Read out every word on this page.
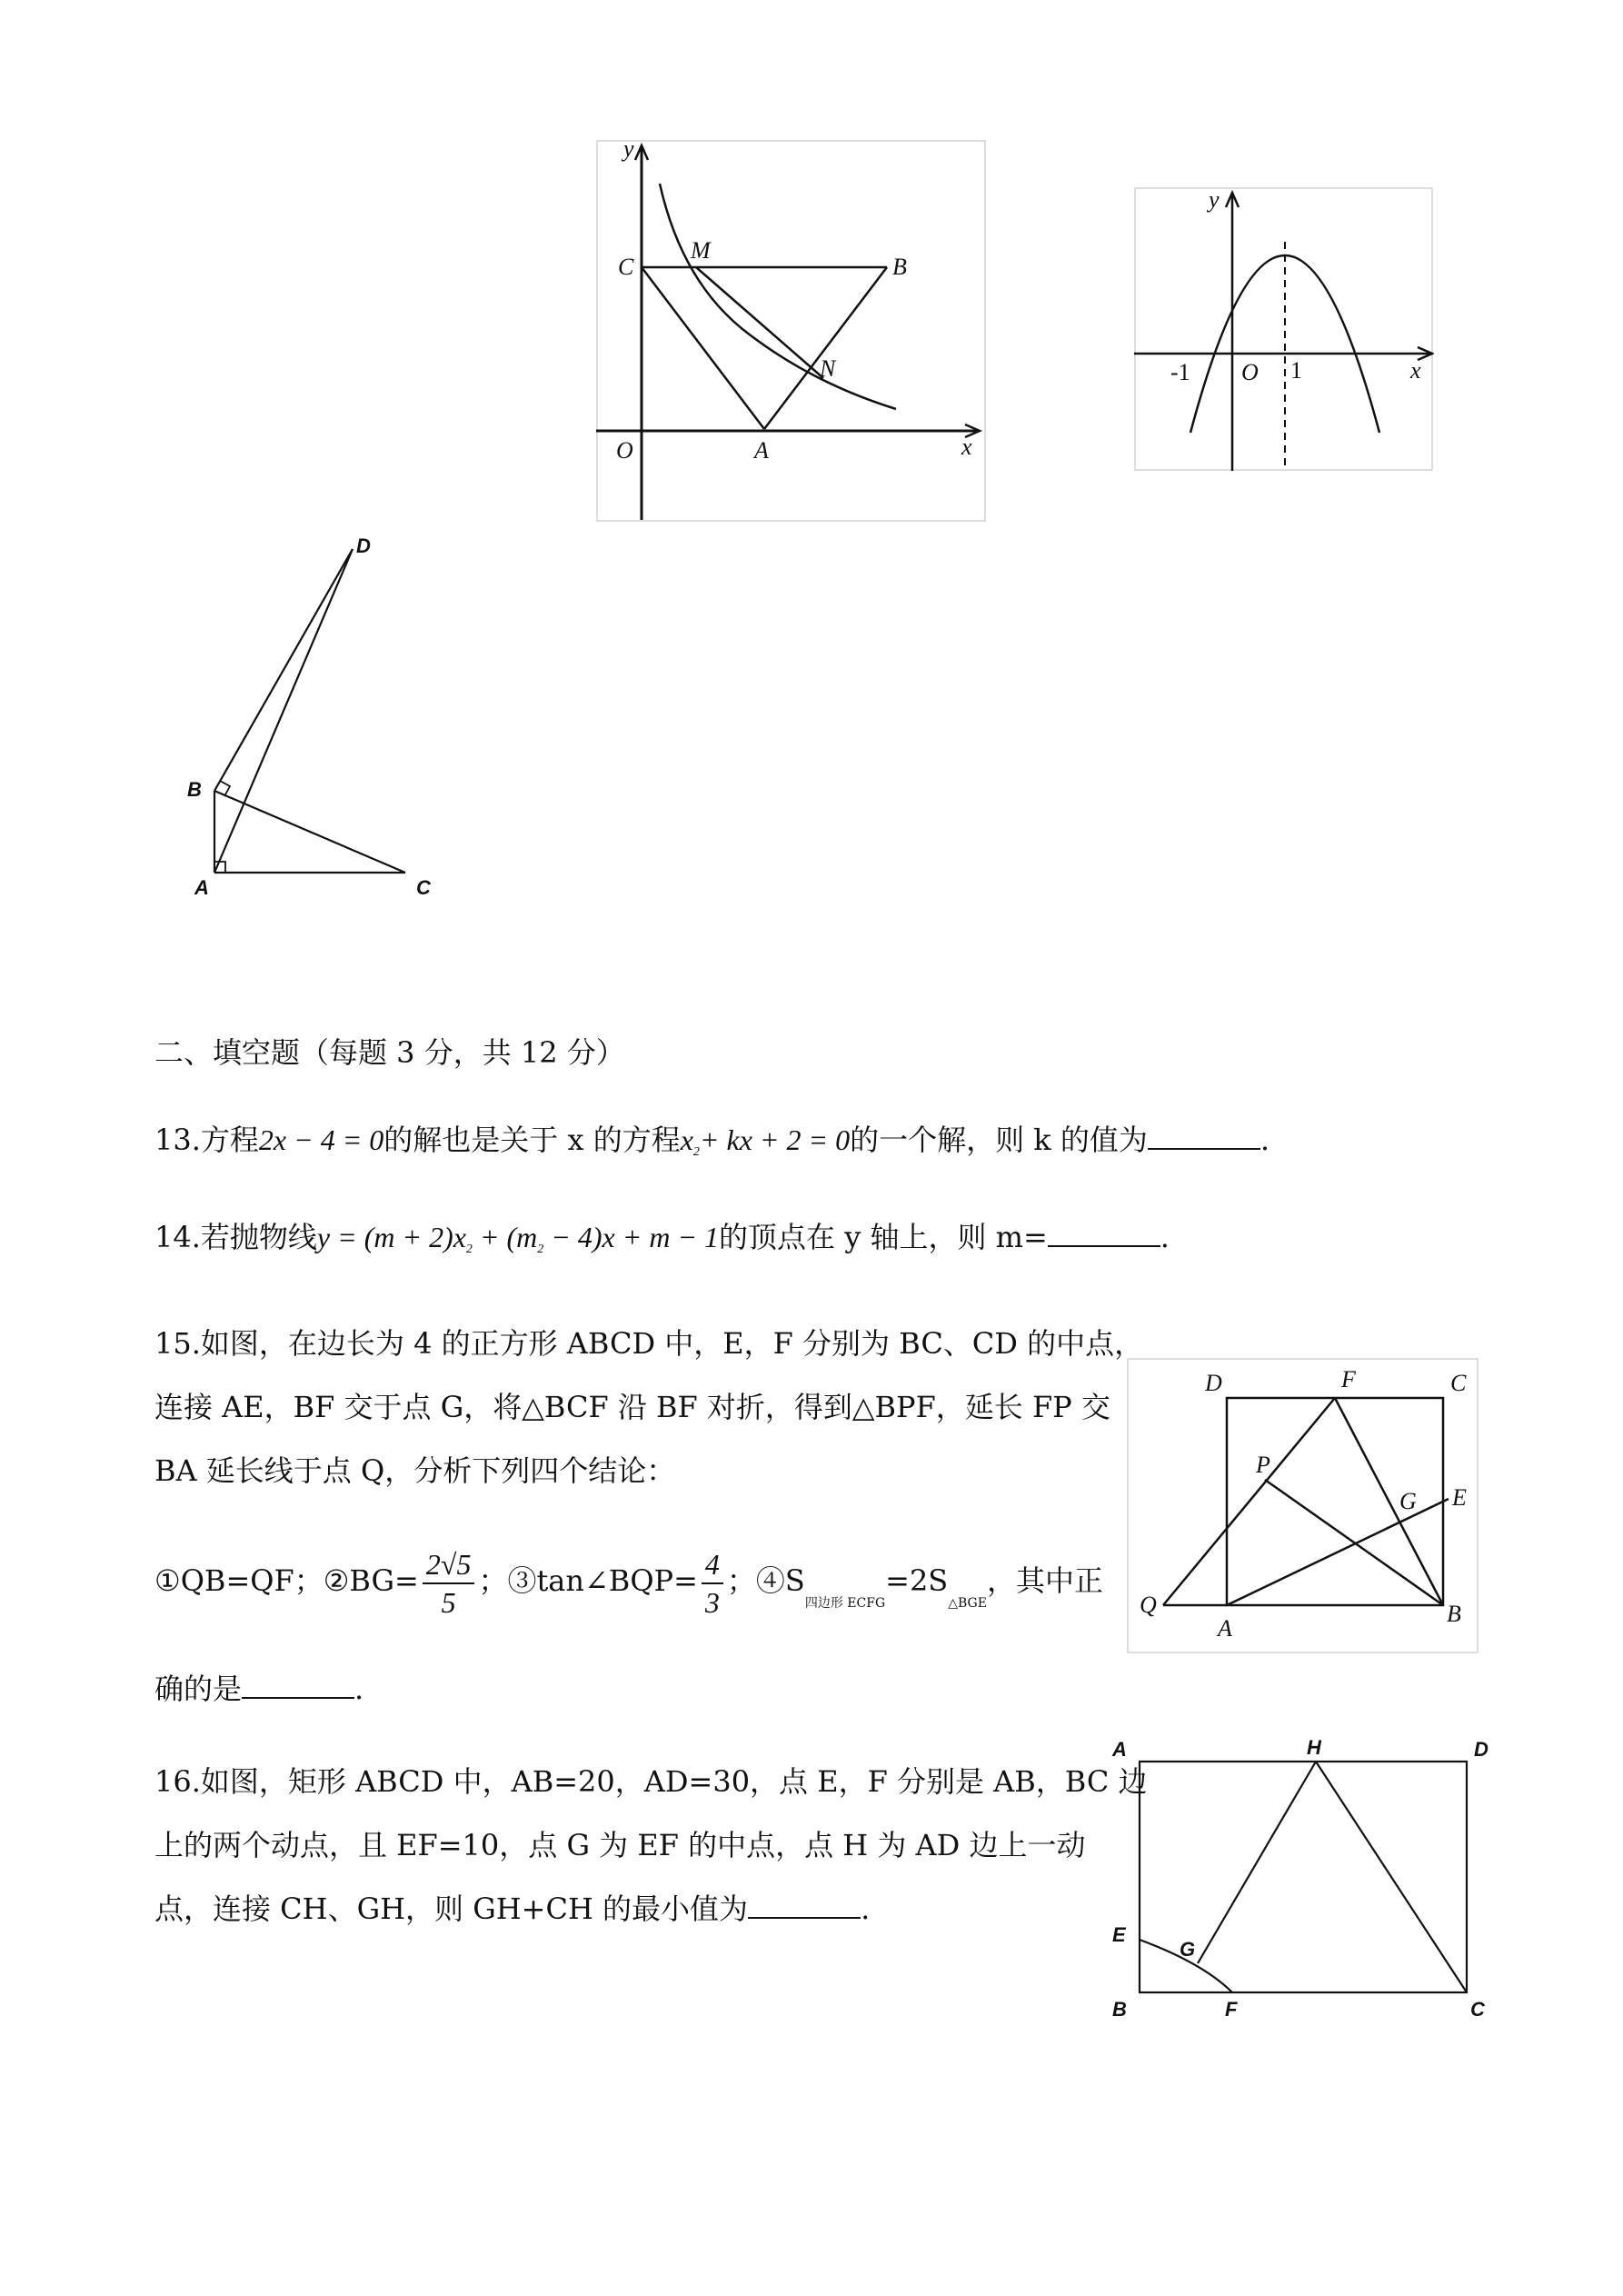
y
x
C
M
B
N
O	A
y
x
-1 O 1
D
B
A	C
二、填空题（每题 3 分，共 12 分）
13.方程2x − 4 = 0的解也是关于 x 的方程x2+ kx + 2 = 0的一个解，则 k 的值为	.
14.若抛物线y = (m + 2)x2 + (m2 − 4)x + m − 1的顶点在 y 轴上，则 m=	.
15.如图，在边长为 4 的正方形 ABCD 中，E，F 分别为 BC、CD 的中点，
连接 AE，BF 交于点 G，将△BCF 沿 BF 对折，得到△BPF，延长 FP 交
BA 延长线于点 Q，分析下列四个结论：
①QB=QF；②BG= $\frac{2√5}{5}$ ；③tan∠BQP= $\frac{4}{3}$ ；$④S_{四边形 ECFG}=2S_{\triangle BGE}$，其中正
确的是	.
D	F	C
P
G E
Q
A
B
16.如图，矩形 ABCD 中，AB=20，AD=30，点 E，F 分别是 AB，BC 边
上的两个动点，且 EF=10，点 G 为 EF 的中点，点 H 为 AD 边上一动
点，连接 CH、GH，则 GH+CH 的最小值为	.
A	H	D
E
G
B	F	C
